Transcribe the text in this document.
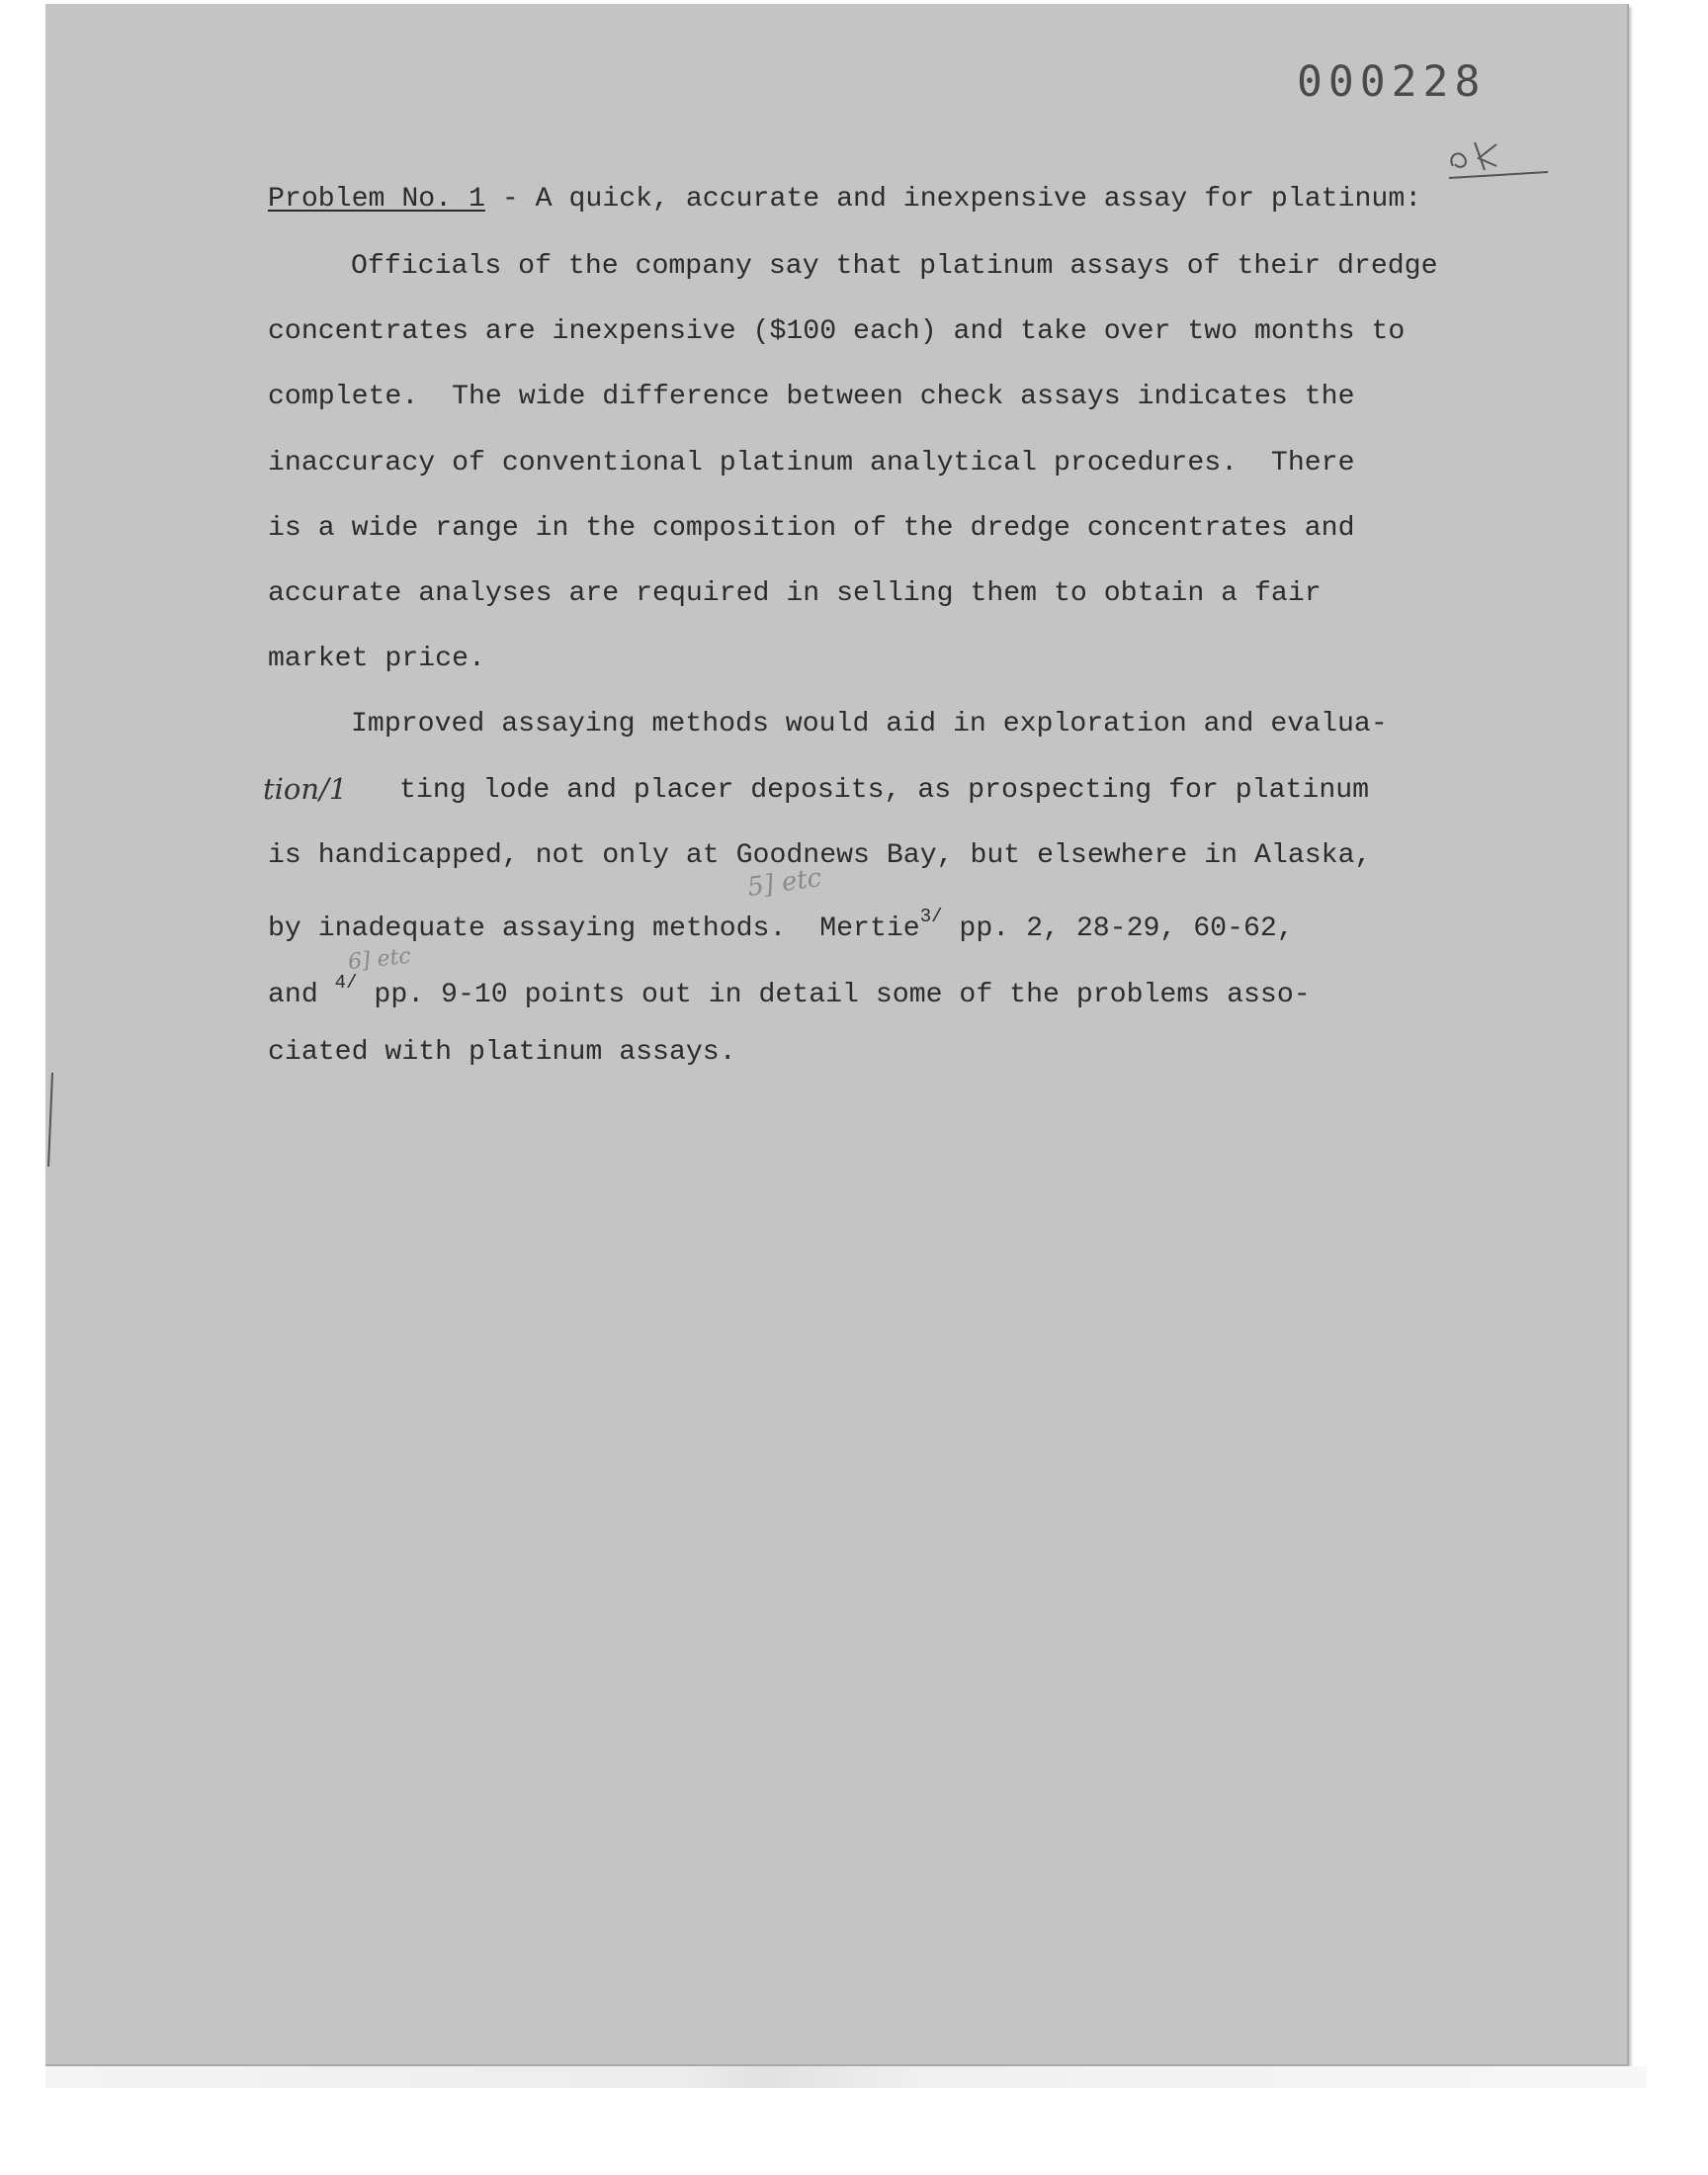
000228
Problem No. 1 - A quick, accurate and inexpensive assay for platinum:
Officials of the company say that platinum assays of their dredge
concentrates are inexpensive ($100 each) and take over two months to
complete.  The wide difference between check assays indicates the
inaccuracy of conventional platinum analytical procedures.  There
is a wide range in the composition of the dredge concentrates and
accurate analyses are required in selling them to obtain a fair
market price.
Improved assaying methods would aid in exploration and evalua-
tion/1 ting lode and placer deposits, as prospecting for platinum
is handicapped, not only at Goodnews Bay, but elsewhere in Alaska,
by inadequate assaying methods.  Mertie$^{3/}$ pp. 2, 28-29, 60-62,
and $^{4/}$ pp. 9-10 points out in detail some of the problems asso-
ciated with platinum assays.
5] etc
6] etc
